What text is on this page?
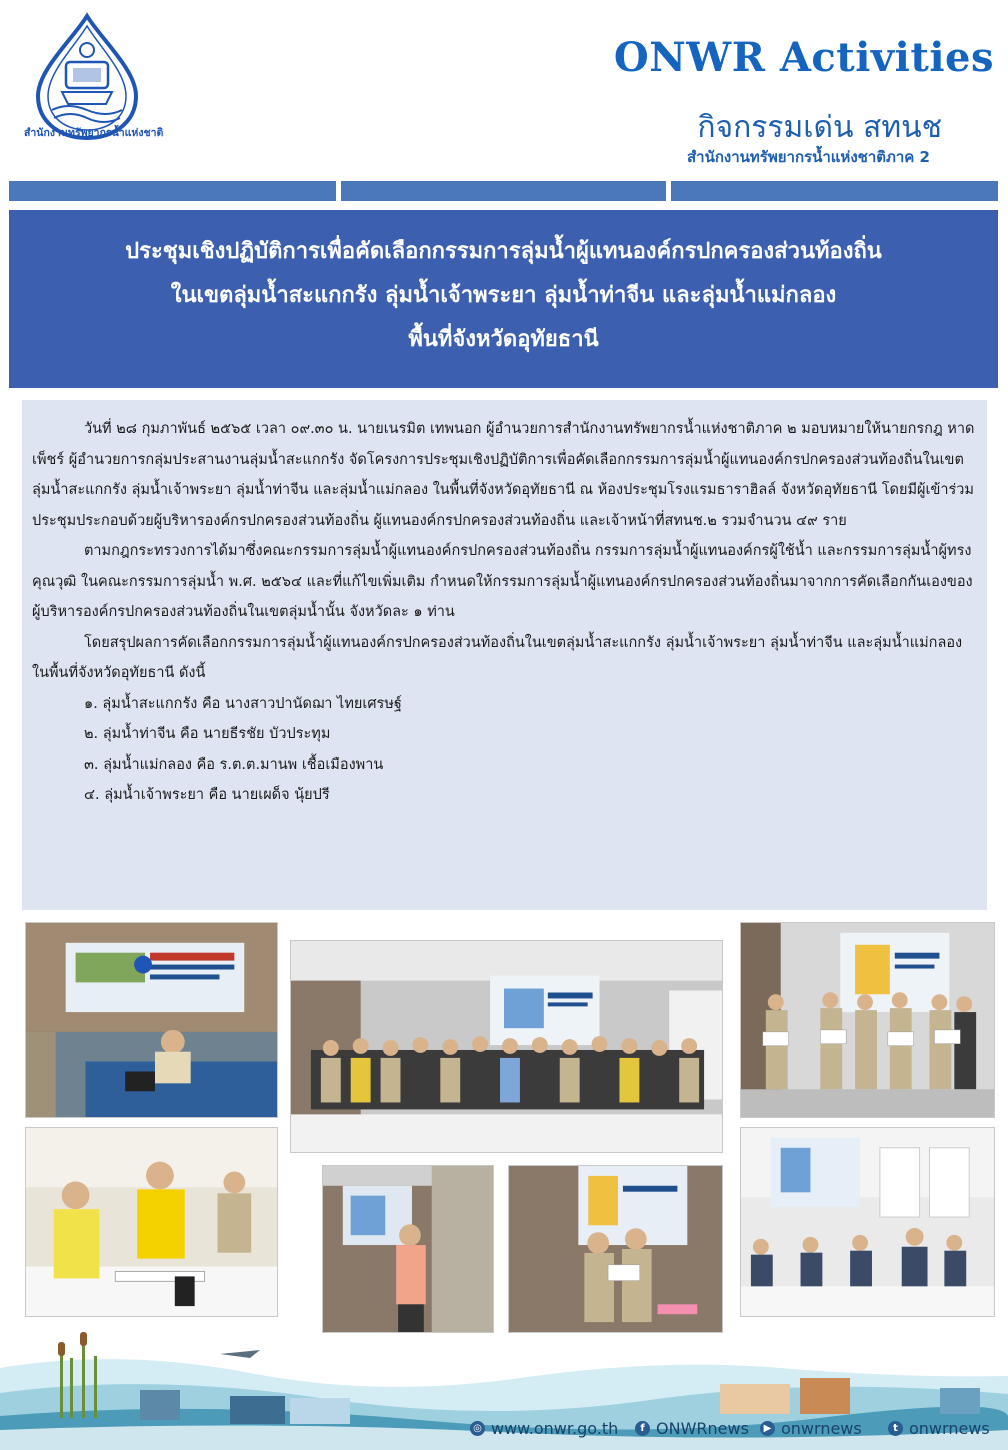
สำนักงานทรัพยากรน้ำแห่งชาติ
ONWR Activities
กิจกรรมเด่น สทนช
สำนักงานทรัพยากรน้ำแห่งชาติภาค 2
ประชุมเชิงปฏิบัติการเพื่อคัดเลือกกรรมการลุ่มน้ำผู้แทนองค์กรปกครองส่วนท้องถิ่น
ในเขตลุ่มน้ำสะแกกรัง ลุ่มน้ำเจ้าพระยา ลุ่มน้ำท่าจีน และลุ่มน้ำแม่กลอง
พื้นที่จังหวัดอุทัยธานี

วันที่ ๒๘ กุมภาพันธ์ ๒๕๖๕ เวลา ๐๙.๓๐ น. นายเนรมิต เทพนอก ผู้อำนวยการสำนักงานทรัพยากรน้ำแห่งชาติภาค ๒ มอบหมายให้นายกรกฎ หาดเพ็ชร์ ผู้อำนวยการกลุ่มประสานงานลุ่มน้ำสะแกกรัง จัดโครงการประชุมเชิงปฏิบัติการเพื่อคัดเลือกกรรมการลุ่มน้ำผู้แทนองค์กรปกครองส่วนท้องถิ่นในเขตลุ่มน้ำสะแกกรัง ลุ่มน้ำเจ้าพระยา ลุ่มน้ำท่าจีน และลุ่มน้ำแม่กลอง ในพื้นที่จังหวัดอุทัยธานี ณ ห้องประชุมโรงแรมธาราฮิลล์ จังหวัดอุทัยธานี โดยมีผู้เข้าร่วมประชุมประกอบด้วยผู้บริหารองค์กรปกครองส่วนท้องถิ่น ผู้แทนองค์กรปกครองส่วนท้องถิ่น และเจ้าหน้าที่สทนช.๒ รวมจำนวน ๔๙ ราย

ตามกฎกระทรวงการได้มาซึ่งคณะกรรมการลุ่มน้ำผู้แทนองค์กรปกครองส่วนท้องถิ่น กรรมการลุ่มน้ำผู้แทนองค์กรผู้ใช้น้ำ และกรรมการลุ่มน้ำผู้ทรงคุณวุฒิ ในคณะกรรมการลุ่มน้ำ พ.ศ. ๒๕๖๔ และที่แก้ไขเพิ่มเติม กำหนดให้กรรมการลุ่มน้ำผู้แทนองค์กรปกครองส่วนท้องถิ่นมาจากการคัดเลือกกันเองของผู้บริหารองค์กรปกครองส่วนท้องถิ่นในเขตลุ่มน้ำนั้น จังหวัดละ ๑ ท่าน

โดยสรุปผลการคัดเลือกกรรมการลุ่มน้ำผู้แทนองค์กรปกครองส่วนท้องถิ่นในเขตลุ่มน้ำสะแกกรัง ลุ่มน้ำเจ้าพระยา ลุ่มน้ำท่าจีน และลุ่มน้ำแม่กลอง ในพื้นที่จังหวัดอุทัยธานี ดังนี้

๑. ลุ่มน้ำสะแกกรัง คือ นางสาวปานัดฌา ไทยเศรษฐ์

๒. ลุ่มน้ำท่าจีน คือ นายธีรชัย บัวประทุม

๓. ลุ่มน้ำแม่กลอง คือ ร.ต.ต.มานพ เชื้อเมืองพาน

๔. ลุ่มน้ำเจ้าพระยา คือ นายเผด็จ นุ้ยปรี

◎ www.onwr.go.th	f ONWRnews	▶ onwrnews	t onwrnews
